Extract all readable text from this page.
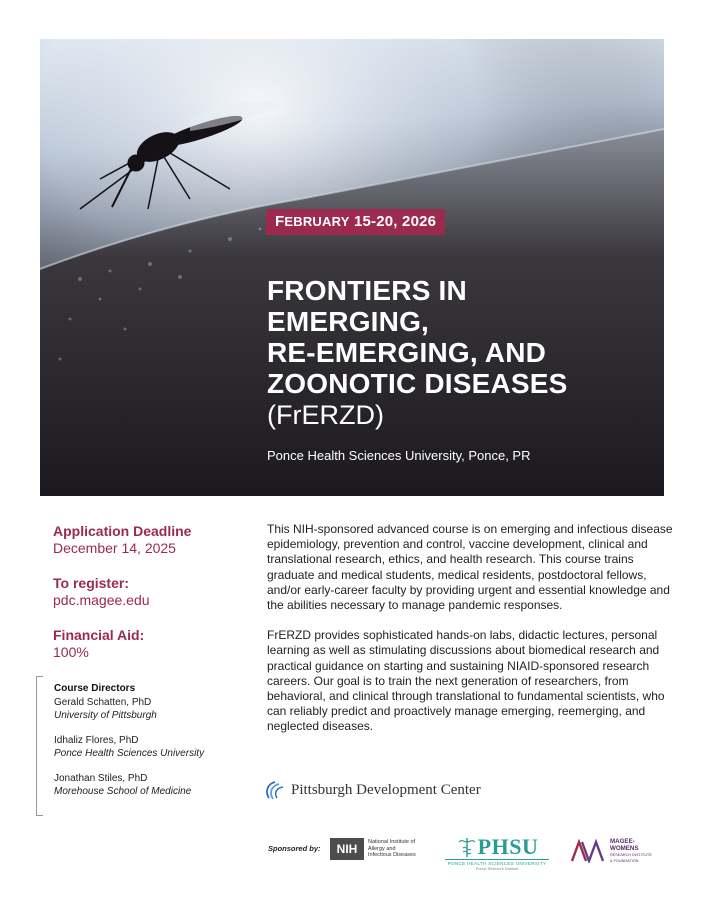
FEBRUARY 15-20, 2026
FRONTIERS IN
EMERGING,
RE-EMERGING, AND
ZOONOTIC DISEASES
(FrERZD)
Ponce Health Sciences University, Ponce, PR
Application Deadline
December 14, 2025
To register:
pdc.magee.edu
Financial Aid:
100%
Course Directors
Gerald Schatten, PhD
University of Pittsburgh
Idhaliz Flores, PhD
Ponce Health Sciences University
Jonathan Stiles, PhD
Morehouse School of Medicine

This NIH-sponsored advanced course is on emerging and infectious disease epidemiology, prevention and control, vaccine development, clinical and translational research, ethics, and health research. This course trains graduate and medical students, medical residents, postdoctoral fellows, and/or early-career faculty by providing urgent and essential knowledge and the abilities necessary to manage pandemic responses.

FrERZD provides sophisticated hands-on labs, didactic lectures, personal learning as well as stimulating discussions about biomedical research and practical guidance on starting and sustaining NIAID-sponsored research careers. Our goal is to train the next generation of researchers, from behavioral, and clinical through translational to fundamental scientists, who can reliably predict and proactively manage emerging, reemerging, and neglected diseases.

Pittsburgh Development Center
Sponsored by:	NIH	National Institute of
Allergy and
Infectious Diseases	PHSU
PONCE HEALTH SCIENCES UNIVERSITY
Ponce Research Institute
MAGEE-
WOMENS
RESEARCH INSTITUTE
& FOUNDATION
